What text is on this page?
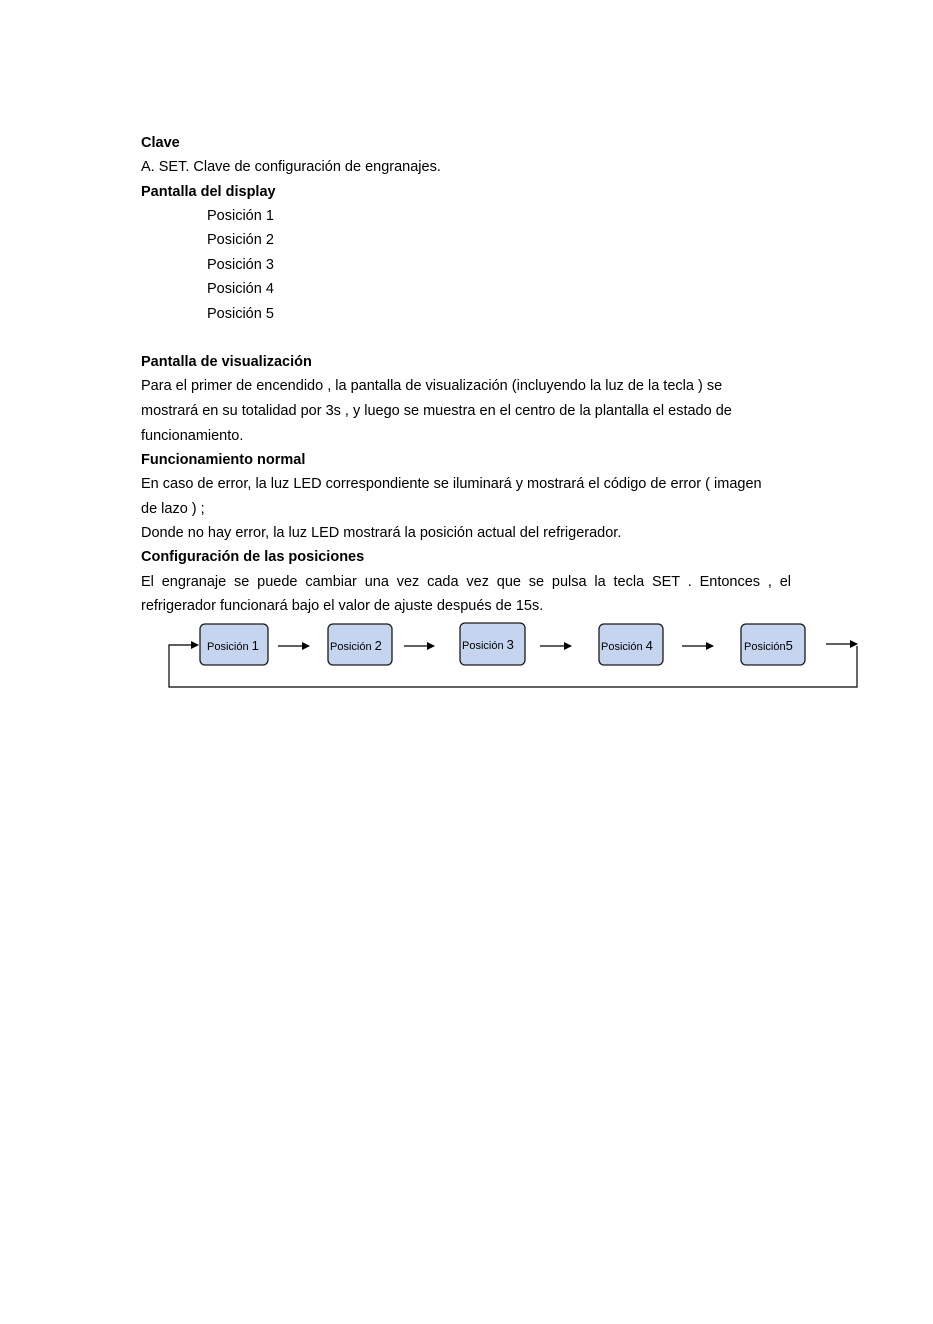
Clave
A. SET. Clave de configuración de engranajes.
Pantalla del display
Posición 1
Posición 2
Posición 3
Posición 4
Posición 5
Pantalla de visualización
Para el primer de encendido , la pantalla de visualización (incluyendo la luz de la tecla ) se
mostrará en su totalidad por 3s , y luego se muestra en el centro de la plantalla el estado de
funcionamiento.
Funcionamiento normal
En caso de error, la luz LED correspondiente se iluminará y mostrará el código de error ( imagen
de lazo ) ;
Donde no hay error, la luz LED mostrará la posición actual del refrigerador.
Configuración de las posiciones
El engranaje se puede cambiar una vez cada vez que se pulsa la tecla SET . Entonces , el
refrigerador funcionará bajo el valor de ajuste después de 15s.
Posición 1	Posición 2	Posición 3	Posición 4	Posición5
